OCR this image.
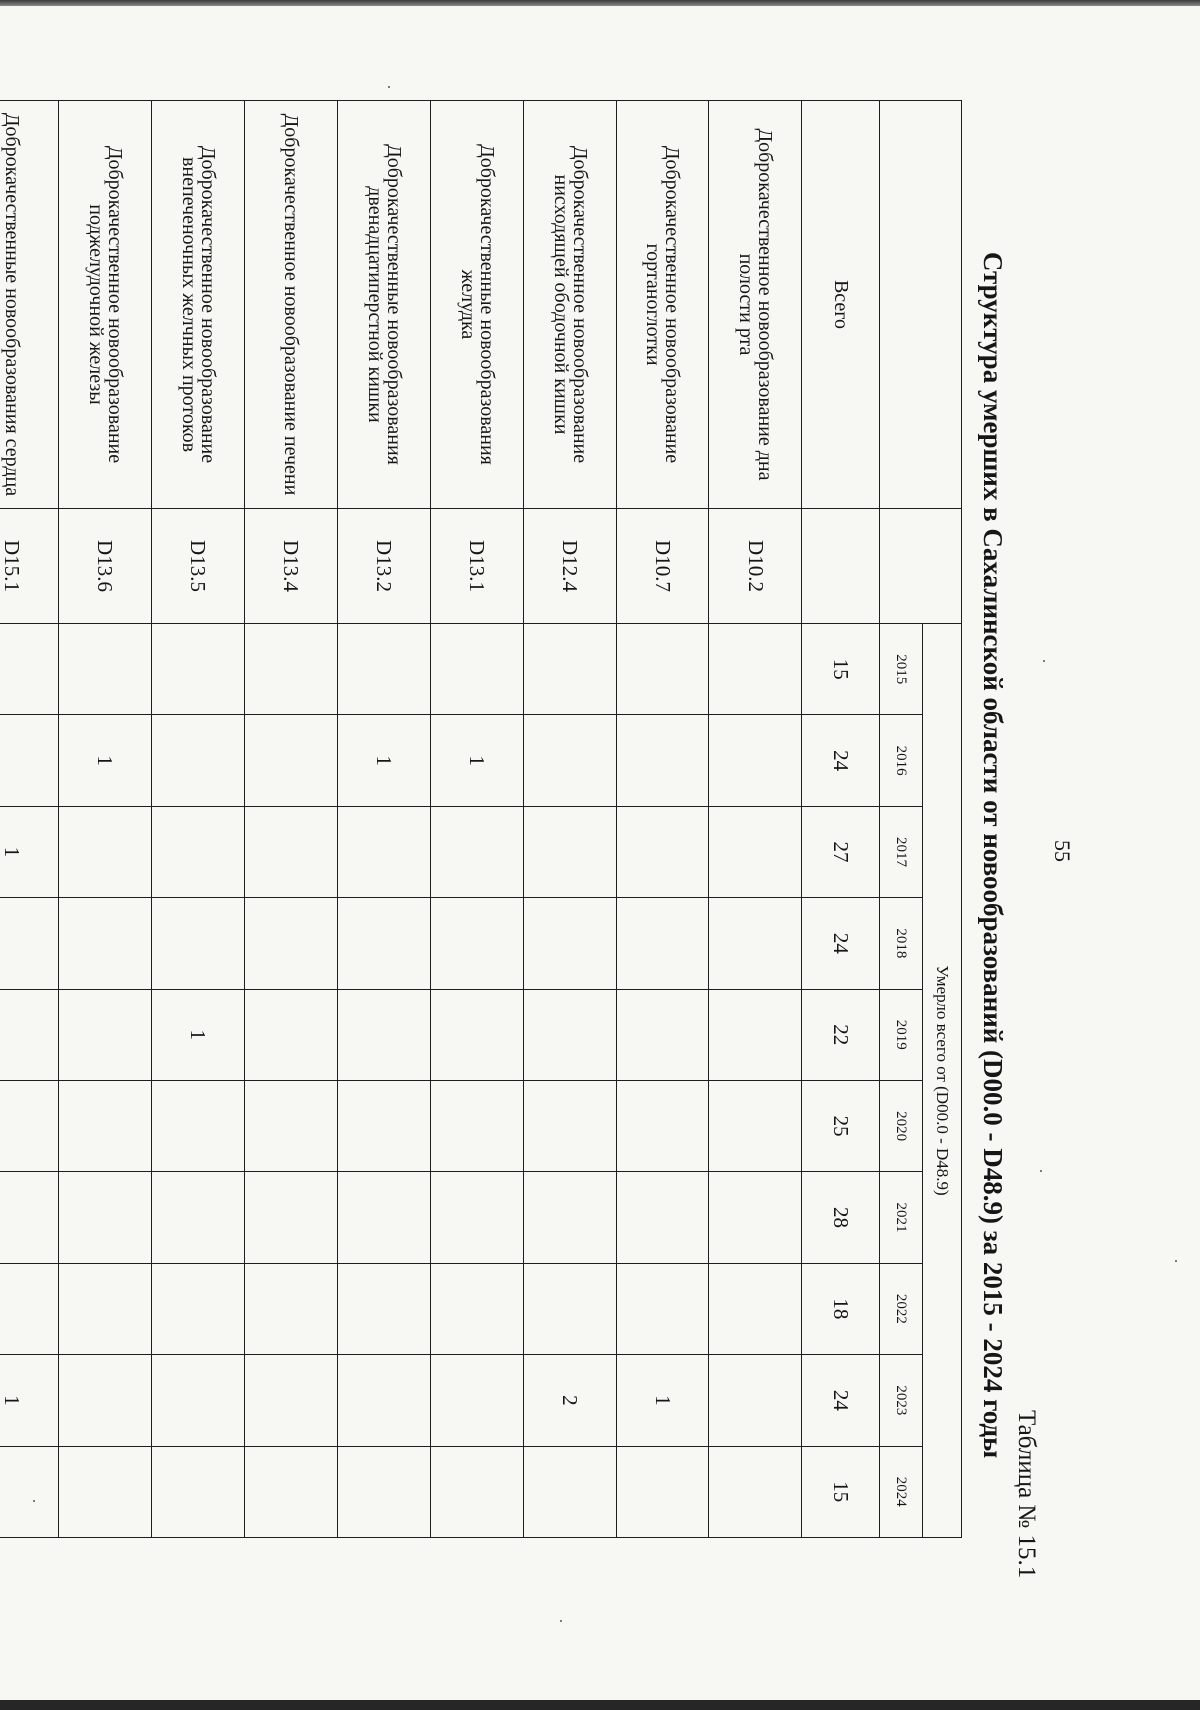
55
Таблица № 15.1
Структура умерших в Сахалинской области от новообразований (D00.0 - D48.9) за 2015 - 2024 годы
		Умерло всего от (D00.0 - D48.9)									
		2015	2016	2017	2018	2019	2020	2021	2022	2023	2024
Всего		15	24	27	24	22	25	28	18	24	15
Доброкачественное новообразование дна полости рта	D10.2										
Доброкачественное новообразование гортаноглотки	D10.7									1	
Доброкачественное новообразование нисходящей ободочной кишки	D12.4									2	
Доброкачественные новообразования желудка	D13.1		1								
Доброкачественные новообразования двенадцатиперстной кишки	D13.2		1								
Доброкачественное новообразование печени	D13.4										
Доброкачественное новообразование внепеченочных желчных протоков	D13.5					1					
Доброкачественное новообразование поджелудочной железы	D13.6		1								
Доброкачественные новообразования сердца	D15.1			1						1	
